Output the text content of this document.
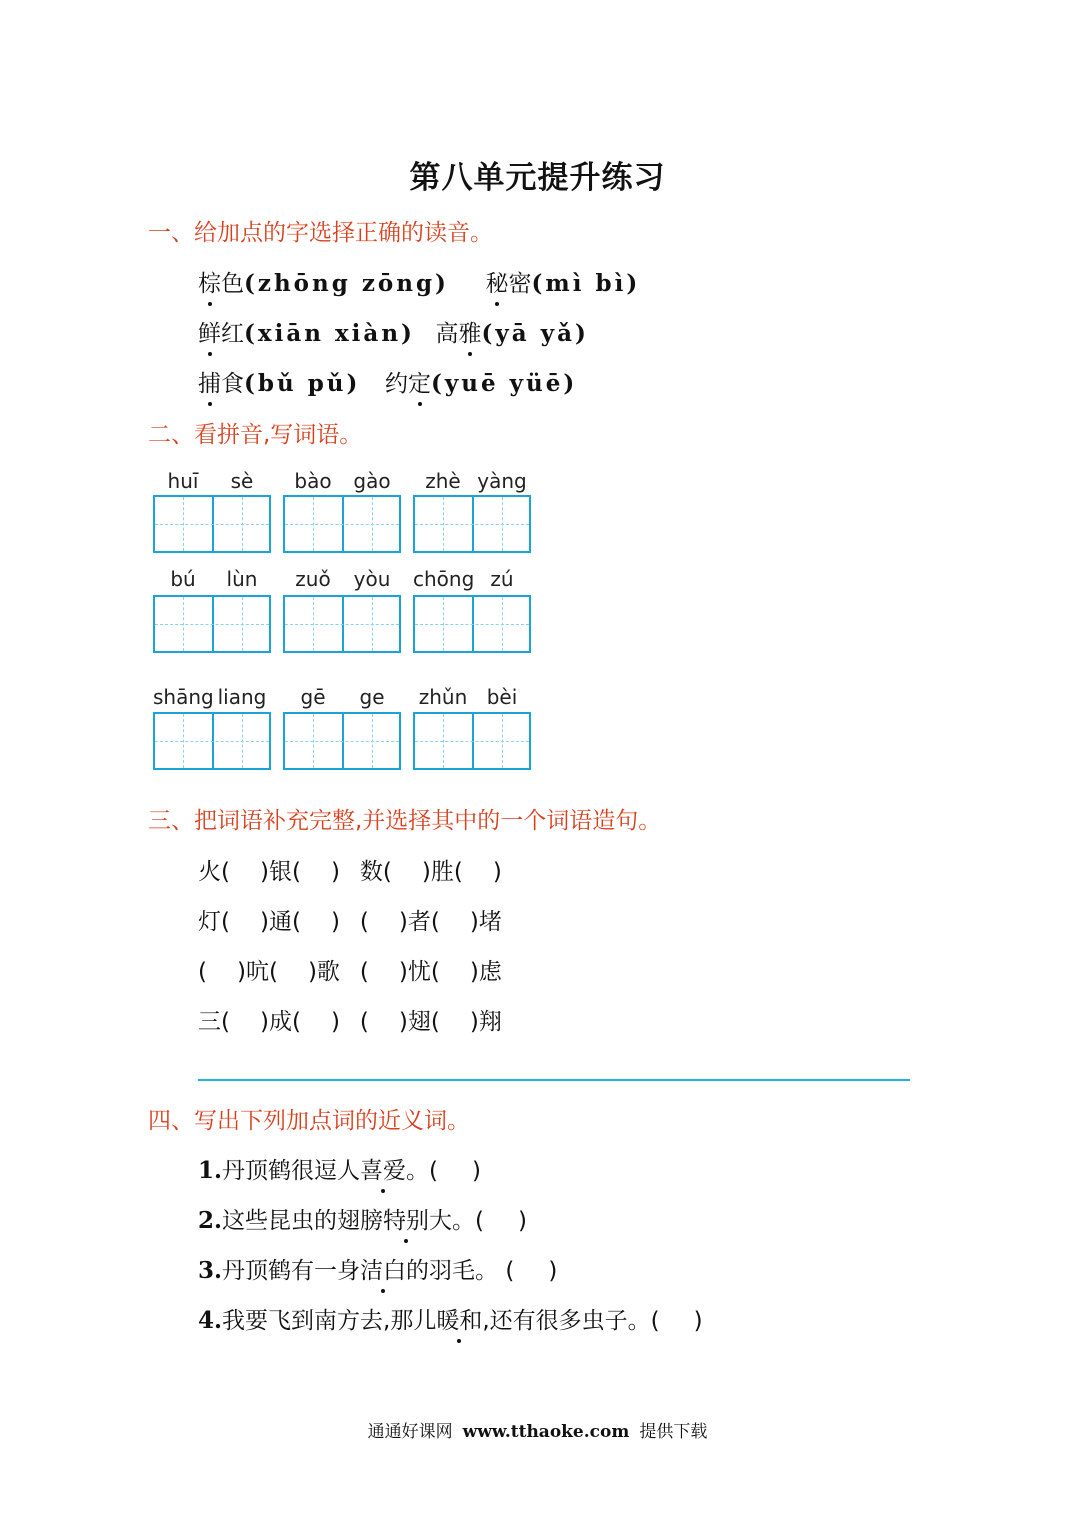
第八单元提升练习
一、给加点的字选择正确的读音。
棕色(zhōng zōng) 秘密(mì bì)
鲜红(xiān xiàn) 高雅(yā yǎ)
捕食(bǔ pǔ) 约定(yuē yüē)
二、看拼音,写词语。
huī	sè	bào	gào	zhè yàng
bú	lùn	zuǒ	yòu	chōng zú
shāng liang	gē	ge	zhǔn bèi
三、把词语补充完整,并选择其中的一个词语造句。
火( )银( ) 数( )胜( )
灯( )通( ) ( )者( )堵
( )吭( )歌 ( )忧( )虑
三( )成( ) ( )翅( )翔
四、写出下列加点词的近义词。
1.丹顶鹤很逗人喜爱。( )
2.这些昆虫的翅膀特别大。( )
3.丹顶鹤有一身洁白的羽毛。 ( )
4.我要飞到南方去,那儿暖和,还有很多虫子。( )
通通好课网 www.tthaoke.com 提供下载
